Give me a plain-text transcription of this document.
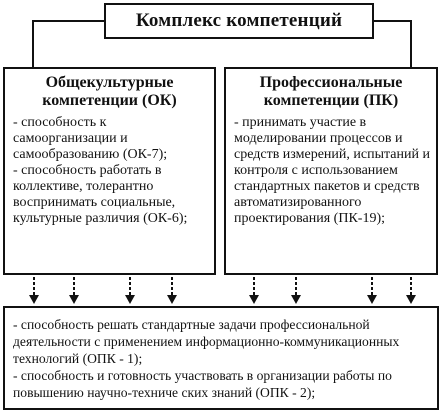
Комплекс компетенций
Общекультурные
компетенции (ОК)

- способность к самоорганизации и самообразованию (ОК-7);

- способность работать в коллективе, толерантно воспринимать социальные, культурные различия (ОК-6);

Профессиональные
компетенции (ПК)

- принимать участие в моделировании процессов и средств измерений, испытаний и контроля с использованием стандартных пакетов и средств автоматизированного проектирования (ПК-19);

- способность решать стандартные задачи профессиональной деятельности с применением информационно-коммуникационных технологий (ОПК - 1);

- способность и готовность участвовать в организации работы по повышению научно-техниче ских знаний (ОПК - 2);
